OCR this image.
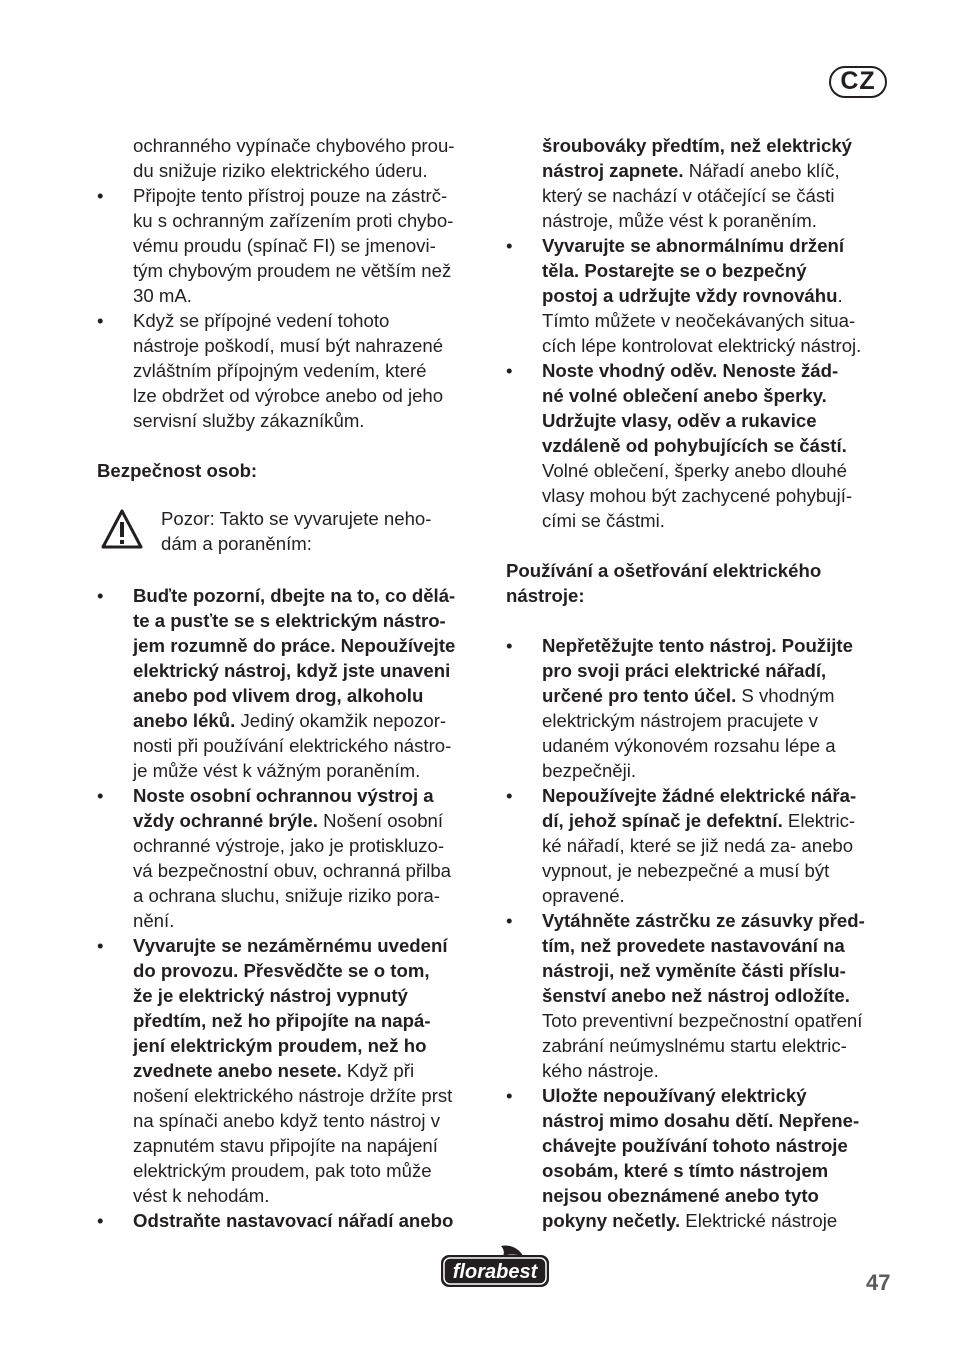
CZ
ochranného vypínače chybového prou-
du snižuje riziko elektrického úderu.
•	Připojte tento přístroj pouze na zástrč-
ku s ochranným zařízením proti chybo-
vému proudu (spínač FI) se jmenovi-
tým chybovým proudem ne větším než
30 mA.
•	Když se přípojné vedení tohoto
nástroje poškodí, musí být nahrazené
zvláštním přípojným vedením, které
lze obdržet od výrobce anebo od jeho
servisní služby zákazníkům.
Bezpečnost osob:
Pozor: Takto se vyvarujete neho-
dám a poraněním:
•	Buďte pozorní, dbejte na to, co dělá-
te a pusťte se s elektrickým nástro-
jem rozumně do práce. Nepoužívejte
elektrický nástroj, když jste unaveni
anebo pod vlivem drog, alkoholu
anebo léků. Jediný okamžik nepozor-
nosti při používání elektrického nástro-
je může vést k vážným poraněním.
•	Noste osobní ochrannou výstroj a
vždy ochranné brýle. Nošení osobní
ochranné výstroje, jako je protiskluzo-
vá bezpečnostní obuv, ochranná přilba
a ochrana sluchu, snižuje riziko pora-
nění.
•	Vyvarujte se nezáměrnému uvedení
do provozu. Přesvědčte se o tom,
že je elektrický nástroj vypnutý
předtím, než ho připojíte na napá-
jení elektrickým proudem, než ho
zvednete anebo nesete. Když při
nošení elektrického nástroje držíte prst
na spínači anebo když tento nástroj v
zapnutém stavu připojíte na napájení
elektrickým proudem, pak toto může
vést k nehodám.
•	Odstraňte nastavovací nářadí anebo
šroubováky předtím, než elektrický
nástroj zapnete. Nářadí anebo klíč,
který se nachází v otáčející se části
nástroje, může vést k poraněním.
•	Vyvarujte se abnormálnímu držení
těla. Postarejte se o bezpečný
postoj a udržujte vždy rovnováhu.
Tímto můžete v neočekávaných situa-
cích lépe kontrolovat elektrický nástroj.
•	Noste vhodný oděv. Nenoste žád-
né volné oblečení anebo šperky.
Udržujte vlasy, oděv a rukavice
vzdáleně od pohybujících se částí.
Volné oblečení, šperky anebo dlouhé
vlasy mohou být zachycené pohybují-
cími se částmi.
Používání a ošetřování elektrického
nástroje:
•	Nepřetěžujte tento nástroj. Použijte
pro svoji práci elektrické nářadí,
určené pro tento účel. S vhodným
elektrickým nástrojem pracujete v
udaném výkonovém rozsahu lépe a
bezpečněji.
•	Nepoužívejte žádné elektrické nářa-
dí, jehož spínač je defektní. Elektric-
ké nářadí, které se již nedá za- anebo
vypnout, je nebezpečné a musí být
opravené.
•	Vytáhněte zástrčku ze zásuvky před-
tím, než provedete nastavování na
nástroji, než vyměníte části příslu-
šenství anebo než nástroj odložíte.
Toto preventivní bezpečnostní opatření
zabrání neúmyslnému startu elektric-
kého nástroje.
•	Uložte nepoužívaný elektrický
nástroj mimo dosahu dětí. Nepřene-
chávejte používání tohoto nástroje
osobám, které s tímto nástrojem
nejsou obeznámené anebo tyto
pokyny nečetly. Elektrické nástroje
florabest	47
